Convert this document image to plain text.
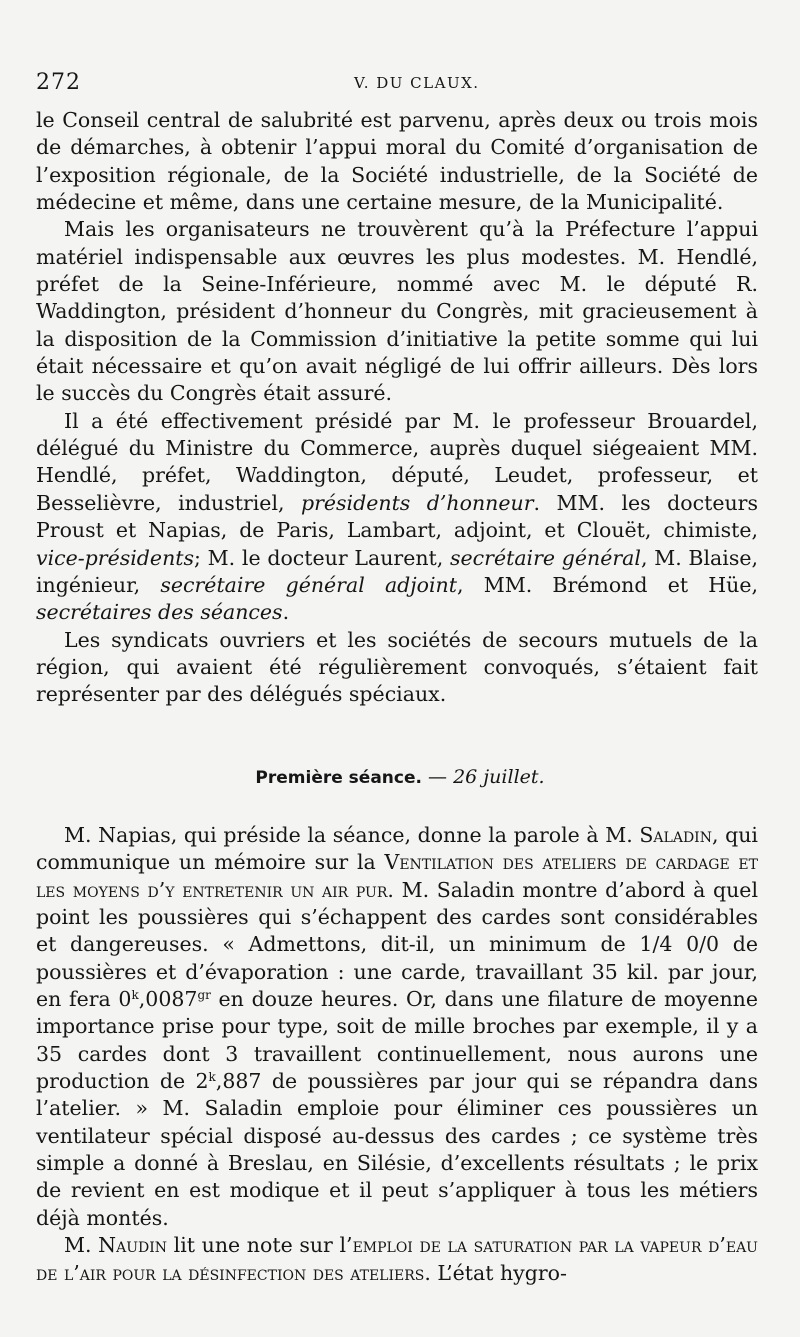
272	V. DU CLAUX.

le Conseil central de salubrité est parvenu, après deux ou trois mois de démarches, à obtenir l’appui moral du Comité d’organisation de l’exposition régionale, de la Société industrielle, de la Société de médecine et même, dans une certaine mesure, de la Municipalité.

Mais les organisateurs ne trouvèrent qu’à la Préfecture l’appui matériel indispensable aux œuvres les plus modestes. M. Hendlé, préfet de la Seine-Inférieure, nommé avec M. le député R. Waddington, président d’honneur du Congrès, mit gracieusement à la disposition de la Commission d’initiative la petite somme qui lui était nécessaire et qu’on avait négligé de lui offrir ailleurs. Dès lors le succès du Congrès était assuré.

Il a été effectivement présidé par M. le professeur Brouardel, délégué du Ministre du Commerce, auprès duquel siégeaient MM. Hendlé, préfet, Waddington, député, Leudet, professeur, et Besselièvre, industriel, présidents d’honneur. MM. les docteurs Proust et Napias, de Paris, Lambart, adjoint, et Clouët, chimiste, vice-présidents; M. le docteur Laurent, secrétaire général, M. Blaise, ingénieur, secrétaire général adjoint, MM. Brémond et Hüe, secrétaires des séances.

Les syndicats ouvriers et les sociétés de secours mutuels de la région, qui avaient été régulièrement convoqués, s’étaient fait représenter par des délégués spéciaux.

Première séance. — 26 juillet.

M. Napias, qui préside la séance, donne la parole à M. Saladin, qui communique un mémoire sur la Ventilation des ateliers de cardage et les moyens d’y entretenir un air pur. M. Saladin montre d’abord à quel point les poussières qui s’échappent des cardes sont considérables et dangereuses. « Admettons, dit-il, un minimum de 1/4 0/0 de poussières et d’évaporation : une carde, travaillant 35 kil. par jour, en fera $0^k,0087^{gr}$ en douze heures. Or, dans une filature de moyenne importance prise pour type, soit de mille broches par exemple, il y a 35 cardes dont 3 travaillent continuellement, nous aurons une production de 2$^k$,887 de poussières par jour qui se répandra dans l’atelier. » M. Saladin emploie pour éliminer ces poussières un ventilateur spécial disposé au-dessus des cardes ; ce système très simple a donné à Breslau, en Silésie, d’excellents résultats ; le prix de revient en est modique et il peut s’appliquer à tous les métiers déjà montés.

M. Naudin lit une note sur l’emploi de la saturation par la vapeur d’eau de l’air pour la désinfection des ateliers. L’état hygro-
